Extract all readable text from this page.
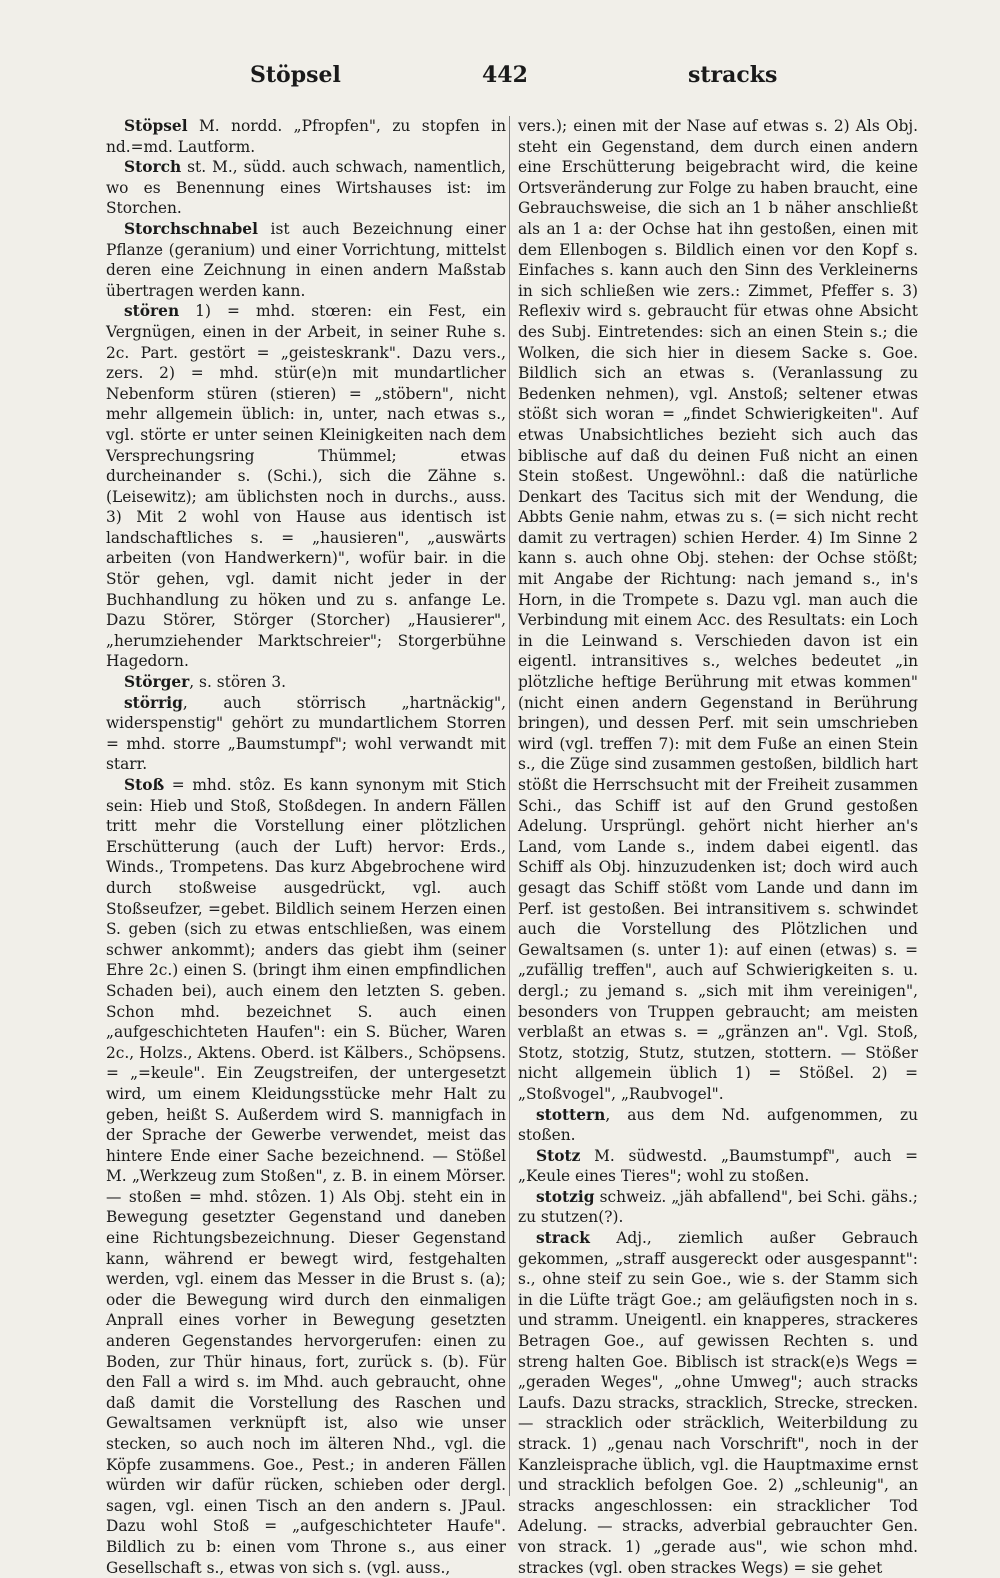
Stöpsel	442	stracks

Stöpsel M. nordd. „Pfropfen", zu stopfen in nd.=md. Lautform.

Storch st. M., südd. auch schwach, namentlich, wo es Benennung eines Wirtshauses ist: im Storchen.

Storchschnabel ist auch Bezeichnung einer Pflanze (geranium) und einer Vorrichtung, mittelst deren eine Zeichnung in einen andern Maßstab übertragen werden kann.

stören 1) = mhd. stœren: ein Fest, ein Vergnügen, einen in der Arbeit, in seiner Ruhe s. 2c. Part. gestört = „geisteskrank". Dazu vers., zers. 2) = mhd. stür(e)n mit mundartlicher Nebenform stüren (stieren) = „stöbern", nicht mehr allgemein üblich: in, unter, nach etwas s., vgl. störte er unter seinen Kleinigkeiten nach dem Versprechungsring Thümmel; etwas durcheinander s. (Schi.), sich die Zähne s. (Leisewitz); am üblichsten noch in durchs., auss. 3) Mit 2 wohl von Hause aus identisch ist landschaftliches s. = „hausieren", „auswärts arbeiten (von Handwerkern)", wofür bair. in die Stör gehen, vgl. damit nicht jeder in der Buchhandlung zu höken und zu s. anfange Le. Dazu Störer, Störger (Storcher) „Hausierer", „herumziehender Marktschreier"; Storgerbühne Hagedorn.

Störger, s. stören 3.

störrig, auch störrisch „hartnäckig", widerspenstig" gehört zu mundartlichem Storren = mhd. storre „Baumstumpf"; wohl verwandt mit starr.

Stoß = mhd. stôz. Es kann synonym mit Stich sein: Hieb und Stoß, Stoßdegen. In andern Fällen tritt mehr die Vorstellung einer plötzlichen Erschütterung (auch der Luft) hervor: Erds., Winds., Trompetens. Das kurz Abgebrochene wird durch stoßweise ausgedrückt, vgl. auch Stoßseufzer, =gebet. Bildlich seinem Herzen einen S. geben (sich zu etwas entschließen, was einem schwer ankommt); anders das giebt ihm (seiner Ehre 2c.) einen S. (bringt ihm einen empfindlichen Schaden bei), auch einem den letzten S. geben. Schon mhd. bezeichnet S. auch einen „aufgeschichteten Haufen": ein S. Bücher, Waren 2c., Holzs., Aktens. Oberd. ist Kälbers., Schöpsens. = „=keule". Ein Zeugstreifen, der untergesetzt wird, um einem Kleidungsstücke mehr Halt zu geben, heißt S. Außerdem wird S. mannigfach in der Sprache der Gewerbe verwendet, meist das hintere Ende einer Sache bezeichnend. — Stößel M. „Werkzeug zum Stoßen", z. B. in einem Mörser. — stoßen = mhd. stôzen. 1) Als Obj. steht ein in Bewegung gesetzter Gegenstand und daneben eine Richtungsbezeichnung. Dieser Gegenstand kann, während er bewegt wird, festgehalten werden, vgl. einem das Messer in die Brust s. (a); oder die Bewegung wird durch den einmaligen Anprall eines vorher in Bewegung gesetzten anderen Gegenstandes hervorgerufen: einen zu Boden, zur Thür hinaus, fort, zurück s. (b). Für den Fall a wird s. im Mhd. auch gebraucht, ohne daß damit die Vorstellung des Raschen und Gewaltsamen verknüpft ist, also wie unser stecken, so auch noch im älteren Nhd., vgl. die Köpfe zusammens. Goe., Pest.; in anderen Fällen würden wir dafür rücken, schieben oder dergl. sagen, vgl. einen Tisch an den andern s. JPaul. Dazu wohl Stoß = „aufgeschichteter Haufe". Bildlich zu b: einen vom Throne s., aus einer Gesellschaft s., etwas von sich s. (vgl. auss.,

vers.); einen mit der Nase auf etwas s. 2) Als Obj. steht ein Gegenstand, dem durch einen andern eine Erschütterung beigebracht wird, die keine Ortsveränderung zur Folge zu haben braucht, eine Gebrauchsweise, die sich an 1 b näher anschließt als an 1 a: der Ochse hat ihn gestoßen, einen mit dem Ellenbogen s. Bildlich einen vor den Kopf s. Einfaches s. kann auch den Sinn des Verkleinerns in sich schließen wie zers.: Zimmet, Pfeffer s. 3) Reflexiv wird s. gebraucht für etwas ohne Absicht des Subj. Eintretendes: sich an einen Stein s.; die Wolken, die sich hier in diesem Sacke s. Goe. Bildlich sich an etwas s. (Veranlassung zu Bedenken nehmen), vgl. Anstoß; seltener etwas stößt sich woran = „findet Schwierigkeiten". Auf etwas Unabsichtliches bezieht sich auch das biblische auf daß du deinen Fuß nicht an einen Stein stoßest. Ungewöhnl.: daß die natürliche Denkart des Tacitus sich mit der Wendung, die Abbts Genie nahm, etwas zu s. (= sich nicht recht damit zu vertragen) schien Herder. 4) Im Sinne 2 kann s. auch ohne Obj. stehen: der Ochse stößt; mit Angabe der Richtung: nach jemand s., in's Horn, in die Trompete s. Dazu vgl. man auch die Verbindung mit einem Acc. des Resultats: ein Loch in die Leinwand s. Verschieden davon ist ein eigentl. intransitives s., welches bedeutet „in plötzliche heftige Berührung mit etwas kommen" (nicht einen andern Gegenstand in Berührung bringen), und dessen Perf. mit sein umschrieben wird (vgl. treffen 7): mit dem Fuße an einen Stein s., die Züge sind zusammen gestoßen, bildlich hart stößt die Herrschsucht mit der Freiheit zusammen Schi., das Schiff ist auf den Grund gestoßen Adelung. Ursprüngl. gehört nicht hierher an's Land, vom Lande s., indem dabei eigentl. das Schiff als Obj. hinzuzudenken ist; doch wird auch gesagt das Schiff stößt vom Lande und dann im Perf. ist gestoßen. Bei intransitivem s. schwindet auch die Vorstellung des Plötzlichen und Gewaltsamen (s. unter 1): auf einen (etwas) s. = „zufällig treffen", auch auf Schwierigkeiten s. u. dergl.; zu jemand s. „sich mit ihm vereinigen", besonders von Truppen gebraucht; am meisten verblaßt an etwas s. = „gränzen an". Vgl. Stoß, Stotz, stotzig, Stutz, stutzen, stottern. — Stößer nicht allgemein üblich 1) = Stößel. 2) = „Stoßvogel", „Raubvogel".

stottern, aus dem Nd. aufgenommen, zu stoßen.

Stotz M. südwestd. „Baumstumpf", auch = „Keule eines Tieres"; wohl zu stoßen.

stotzig schweiz. „jäh abfallend", bei Schi. gähs.; zu stutzen(?).

strack Adj., ziemlich außer Gebrauch gekommen, „straff ausgereckt oder ausgespannt": s., ohne steif zu sein Goe., wie s. der Stamm sich in die Lüfte trägt Goe.; am geläufigsten noch in s. und stramm. Uneigentl. ein knapperes, strackeres Betragen Goe., auf gewissen Rechten s. und streng halten Goe. Biblisch ist strack(e)s Wegs = „geraden Weges", „ohne Umweg"; auch stracks Laufs. Dazu stracks, stracklich, Strecke, strecken. — stracklich oder sträcklich, Weiterbildung zu strack. 1) „genau nach Vorschrift", noch in der Kanzleisprache üblich, vgl. die Hauptmaxime ernst und stracklich befolgen Goe. 2) „schleunig", an stracks angeschlossen: ein stracklicher Tod Adelung. — stracks, adverbial gebrauchter Gen. von strack. 1) „gerade aus", wie schon mhd. strackes (vgl. oben strackes Wegs) = sie gehet
